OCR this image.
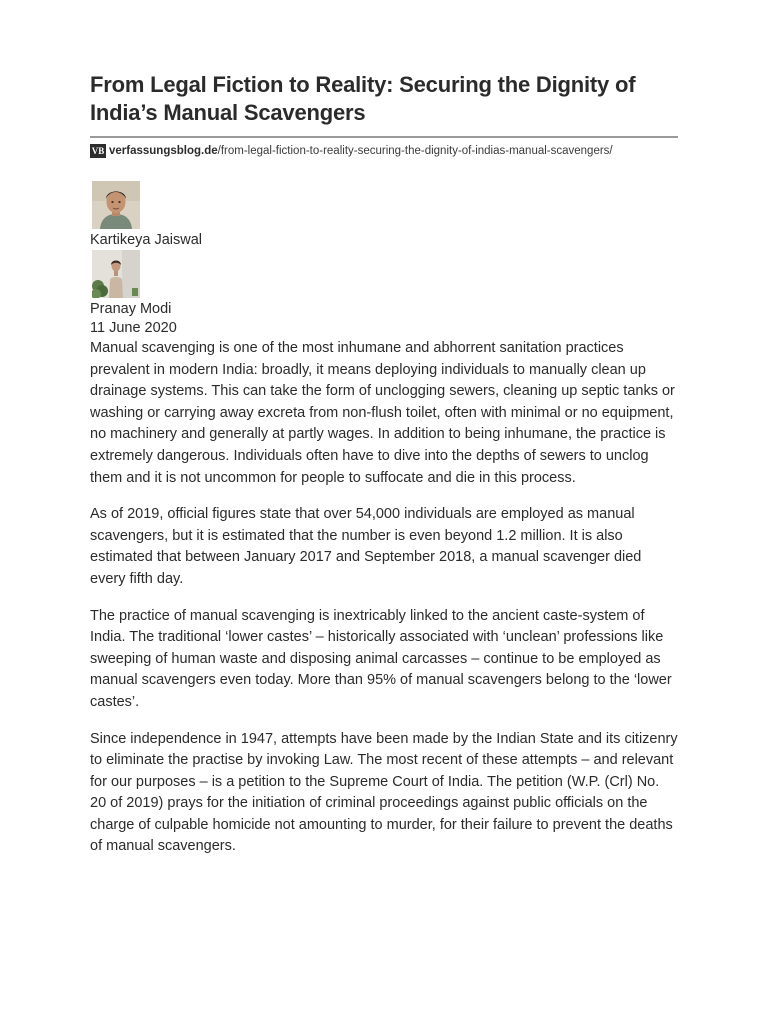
From Legal Fiction to Reality: Securing the Dignity of India’s Manual Scavengers
VB verfassungsblog.de/from-legal-fiction-to-reality-securing-the-dignity-of-indias-manual-scavengers/
Kartikeya Jaiswal
Pranay Modi
11 June 2020

Manual scavenging is one of the most inhumane and abhorrent sanitation practices prevalent in modern India: broadly, it means deploying individuals to manually clean up drainage systems. This can take the form of unclogging sewers, cleaning up septic tanks or washing or carrying away excreta from non-flush toilet, often with minimal or no equipment, no machinery and generally at partly wages. In addition to being inhumane, the practice is extremely dangerous. Individuals often have to dive into the depths of sewers to unclog them and it is not uncommon for people to suffocate and die in this process.

As of 2019, official figures state that over 54,000 individuals are employed as manual scavengers, but it is estimated that the number is even beyond 1.2 million. It is also estimated that between January 2017 and September 2018, a manual scavenger died every fifth day.

The practice of manual scavenging is inextricably linked to the ancient caste-system of India. The traditional ‘lower castes’ – historically associated with ‘unclean’ professions like sweeping of human waste and disposing animal carcasses – continue to be employed as manual scavengers even today. More than 95% of manual scavengers belong to the ‘lower castes’.

Since independence in 1947, attempts have been made by the Indian State and its citizenry to eliminate the practise by invoking Law. The most recent of these attempts – and relevant for our purposes – is a petition to the Supreme Court of India. The petition (W.P. (Crl) No. 20 of 2019) prays for the initiation of criminal proceedings against public officials on the charge of culpable homicide not amounting to murder, for their failure to prevent the deaths of manual scavengers.
